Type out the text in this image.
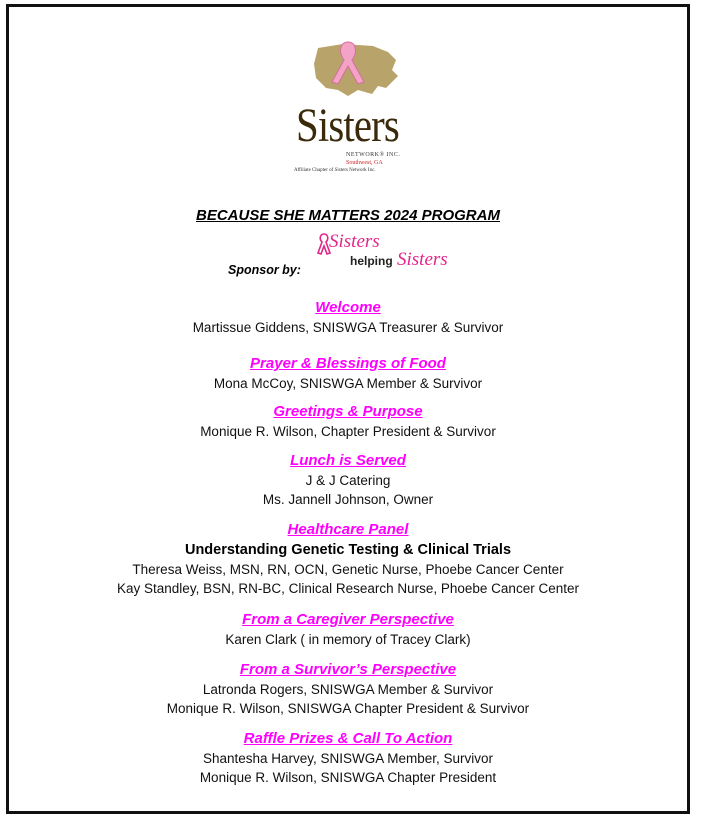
Sisters
NETWORK® INC.
Southwest, GA
Affiliate Chapter of Sisters Network Inc.
BECAUSE SHE MATTERS 2024 PROGRAM
Sponsor by:
Sisters
helping Sisters
Welcome
Martissue Giddens, SNISWGA Treasurer & Survivor
Prayer & Blessings of Food
Mona McCoy, SNISWGA Member & Survivor
Greetings & Purpose
Monique R. Wilson, Chapter President & Survivor
Lunch is Served
J & J Catering
Ms. Jannell Johnson, Owner
Healthcare Panel
Understanding Genetic Testing & Clinical Trials
Theresa Weiss, MSN, RN, OCN, Genetic Nurse, Phoebe Cancer Center
Kay Standley, BSN, RN-BC, Clinical Research Nurse, Phoebe Cancer Center
From a Caregiver Perspective
Karen Clark ( in memory of Tracey Clark)
From a Survivor’s Perspective
Latronda Rogers, SNISWGA Member & Survivor
Monique R. Wilson, SNISWGA Chapter President & Survivor
Raffle Prizes & Call To Action
Shantesha Harvey, SNISWGA Member, Survivor
Monique R. Wilson, SNISWGA Chapter President
